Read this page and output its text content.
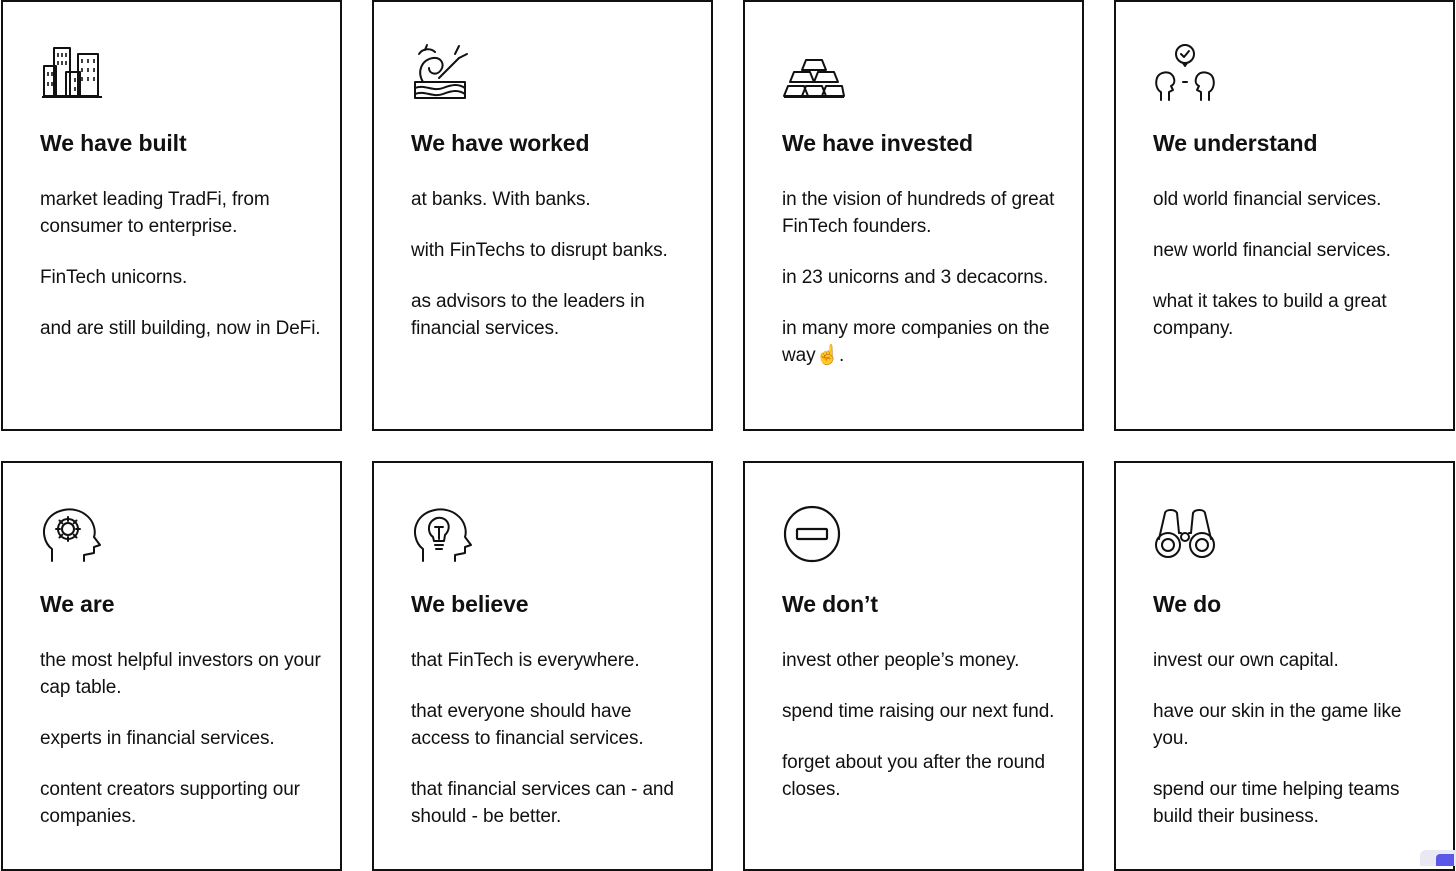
We have built
market leading TradFi, from consumer to enterprise.
FinTech unicorns.
and are still building, now in DeFi.
We have worked
at banks. With banks.
with FinTechs to disrupt banks.
as advisors to the leaders in financial services.
We have invested
in the vision of hundreds of great FinTech founders.
in 23 unicorns and 3 decacorns.
in many more companies on the way☝️.
We understand
old world financial services.
new world financial services.
what it takes to build a great company.
We are
the most helpful investors on your cap table.
experts in financial services.
content creators supporting our companies.
We believe
that FinTech is everywhere.
that everyone should have access to financial services.
that financial services can - and should - be better.
We don’t
invest other people’s money.
spend time raising our next fund.
forget about you after the round closes.
We do
invest our own capital.
have our skin in the game like you.
spend our time helping teams build their business.
